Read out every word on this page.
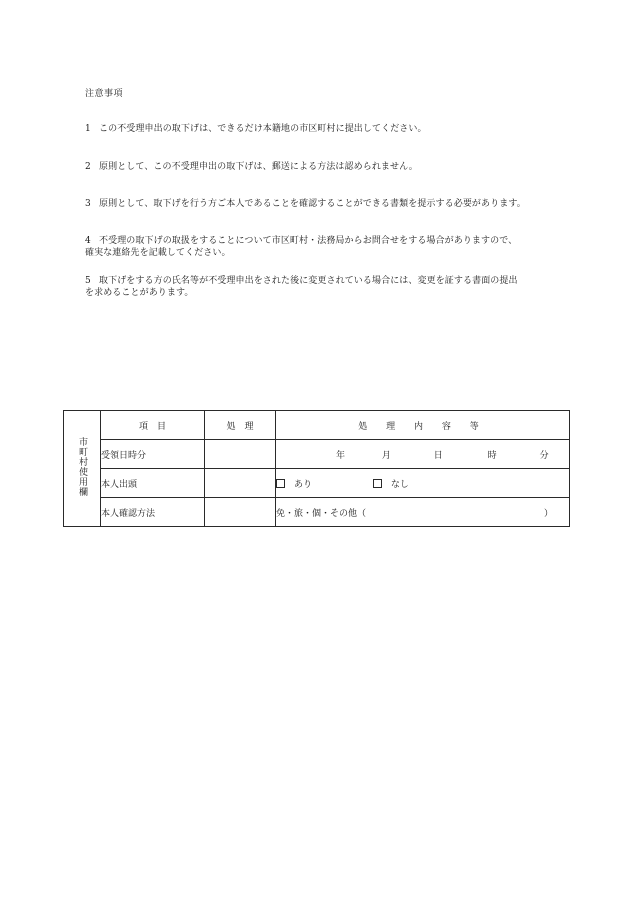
注意事項
1 この不受理申出の取下げは、できるだけ本籍地の市区町村に提出してください。
2 原則として、この不受理申出の取下げは、郵送による方法は認められません。
3 原則として、取下げを行う方ご本人であることを確認することができる書類を提示する必要があります。
4 不受理の取下げの取扱をすることについて市区町村・法務局からお問合せをする場合がありますので、
確実な連絡先を記載してください。
5 取下げをする方の氏名等が不受理申出をされた後に変更されている場合には、変更を証する書面の提出
を求めることがあります。
市町村使用欄	項　目	処　理	処 理 内 容 等
	受領日時分		年 月 日 時 分
	本人出頭		あり なし
	本人確認方法		免・旅・個・その他（ ）
